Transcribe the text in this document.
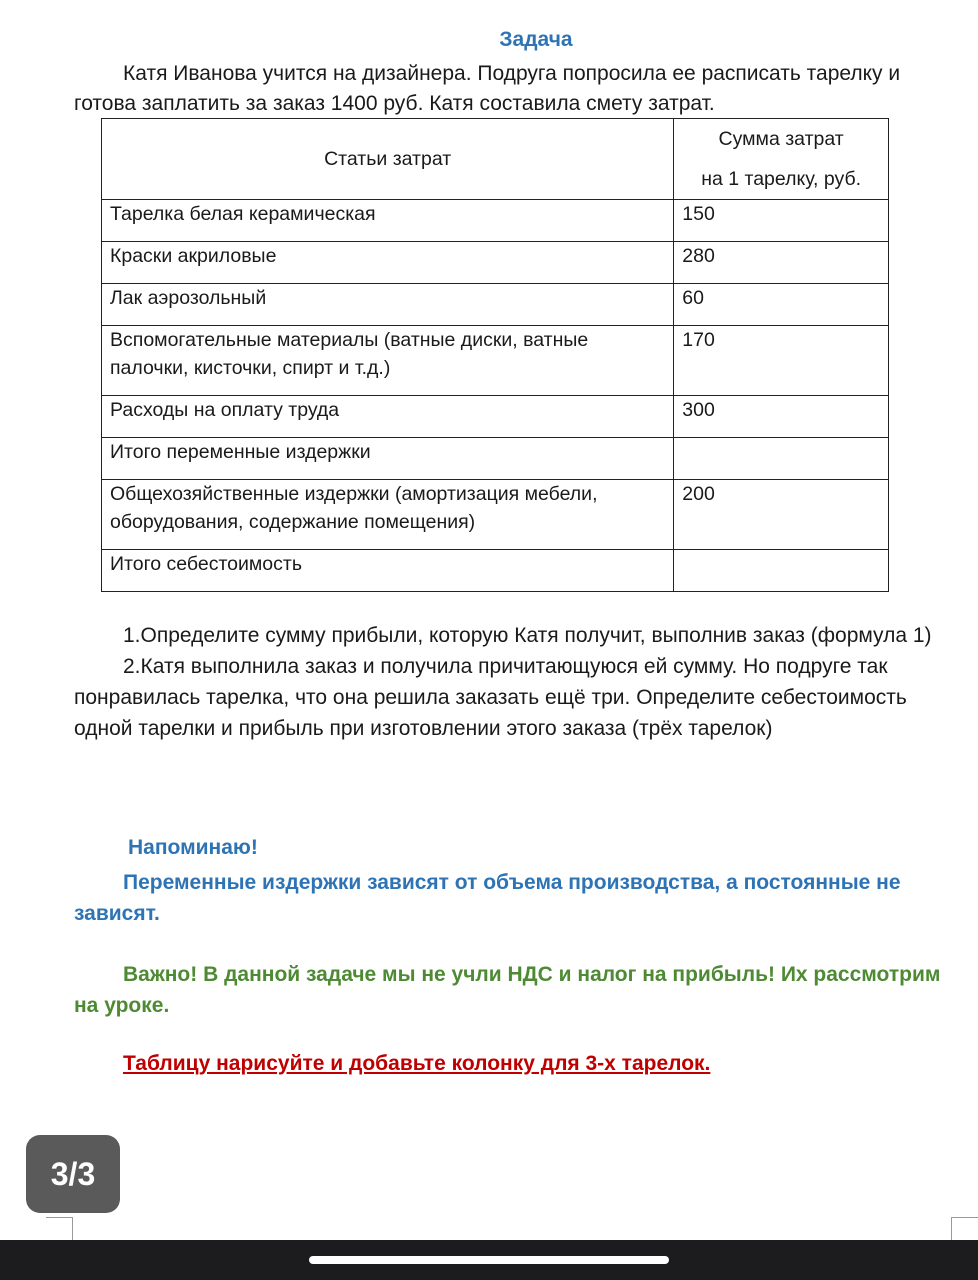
Задача
Катя Иванова учится на дизайнера. Подруга попросила ее расписать тарелку и готова заплатить за заказ 1400 руб. Катя составила смету затрат.
Статьи затрат	Сумма затрат
на 1 тарелку, руб.

Тарелка белая керамическая	150
Краски акриловые	280
Лак аэрозольный	60
Вспомогательные материалы (ватные диски, ватные палочки, кисточки, спирт и т.д.)	170
Расходы на оплату труда	300
Итого переменные издержки	
Общехозяйственные издержки (амортизация мебели, оборудования, содержание помещения)	200
Итого себестоимость	

1.Определите сумму прибыли, которую Катя получит, выполнив заказ (формула 1)

2.Катя выполнила заказ и получила причитающуюся ей сумму. Но подруге так понравилась тарелка, что она решила заказать ещё три. Определите себестоимость одной тарелки и прибыль при изготовлении этого заказа (трёх тарелок)

Напоминаю!
Переменные издержки зависят от объема производства, а постоянные не зависят.
Важно! В данной задаче мы не учли НДС и налог на прибыль! Их рассмотрим на уроке.
Таблицу нарисуйте и добавьте колонку для 3-х тарелок.
3/3
